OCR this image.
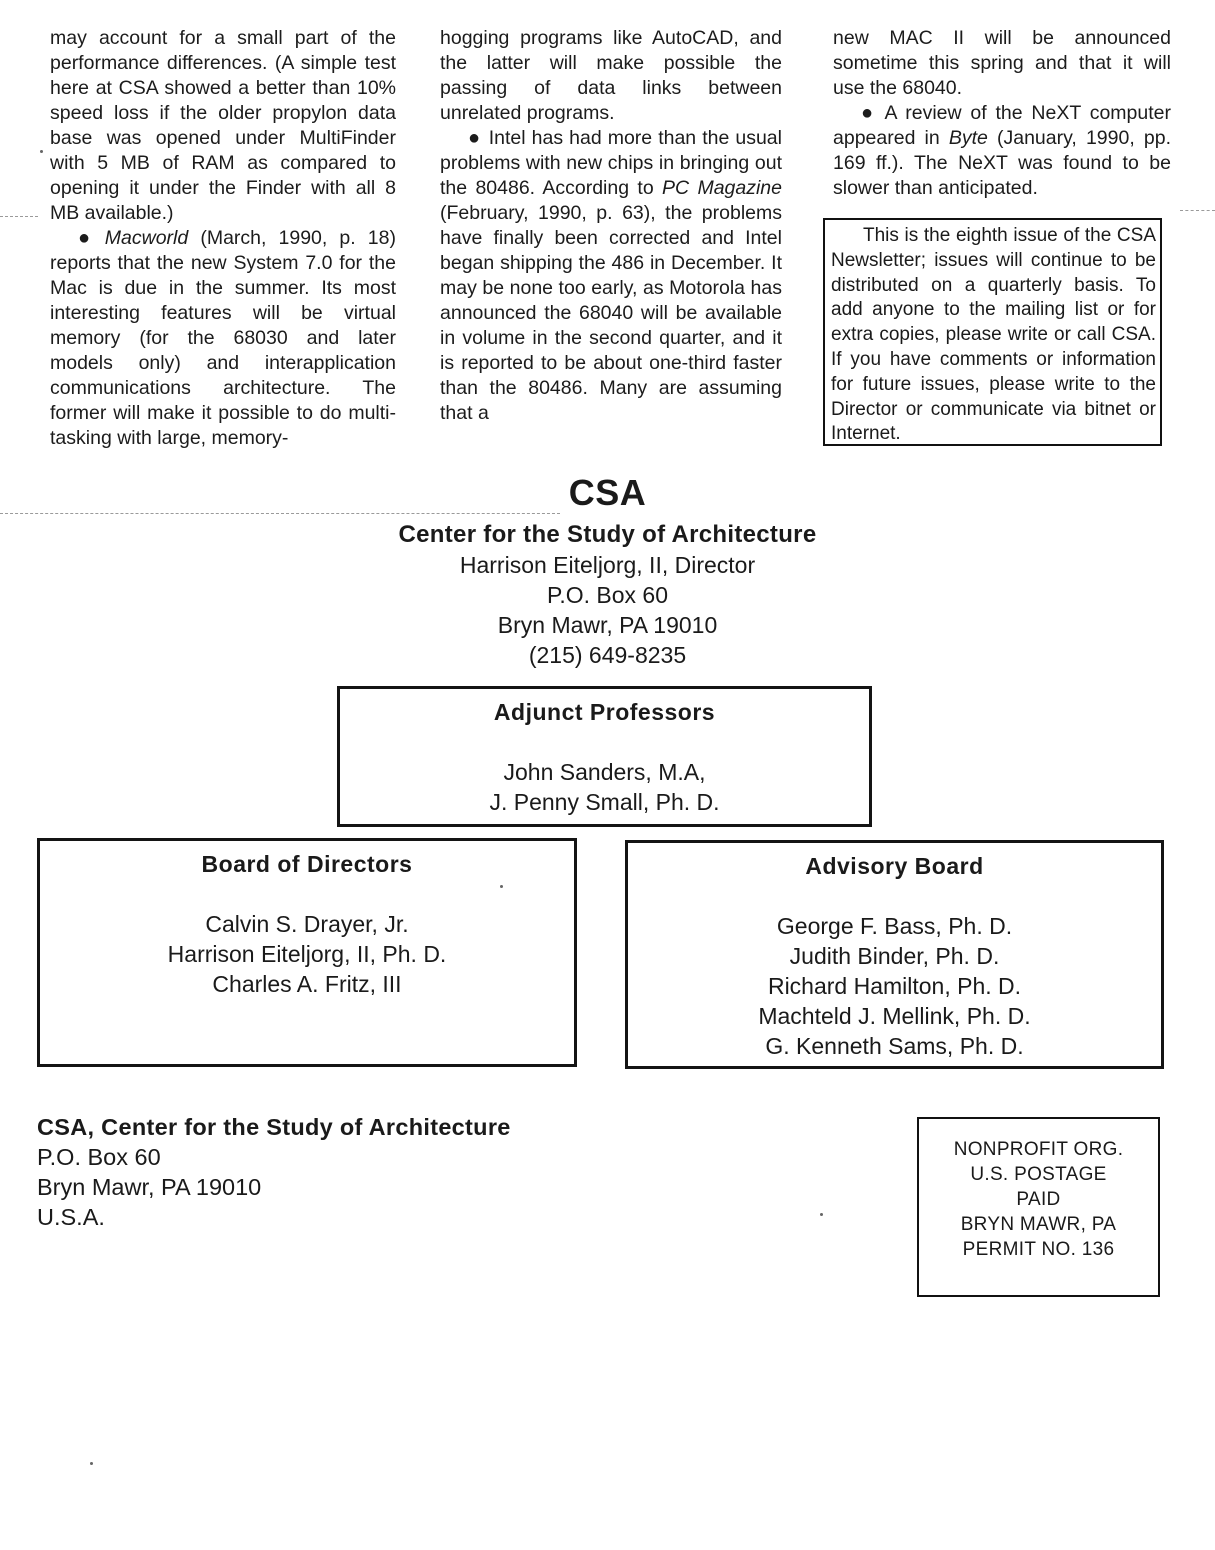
may account for a small part of the performance differences. (A simple test here at CSA showed a better than 10% speed loss if the older propylon data base was opened under MultiFinder with 5 MB of RAM as compared to opening it under the Finder with all 8 MB available.)

● Macworld (March, 1990, p. 18) reports that the new System 7.0 for the Mac is due in the summer. Its most interesting features will be virtual memory (for the 68030 and later models only) and interapplication communications architecture. The former will make it possible to do multi-tasking with large, memory-

hogging programs like AutoCAD, and the latter will make possible the passing of data links between unrelated programs.

● Intel has had more than the usual problems with new chips in bringing out the 80486. According to PC Magazine (February, 1990, p. 63), the problems have finally been corrected and Intel began shipping the 486 in December. It may be none too early, as Motorola has announced the 68040 will be available in volume in the second quarter, and it is reported to be about one-third faster than the 80486. Many are assuming that a

new MAC II will be announced sometime this spring and that it will use the 68040.

● A review of the NeXT computer appeared in Byte (January, 1990, pp. 169 ff.). The NeXT was found to be slower than anticipated.

This is the eighth issue of the CSA Newsletter; issues will continue to be distributed on a quarterly basis. To add anyone to the mailing list or for extra copies, please write or call CSA. If you have comments or information for future issues, please write to the Director or communicate via bitnet or Internet.

CSA
Center for the Study of Architecture
Harrison Eiteljorg, II, Director
P.O. Box 60
Bryn Mawr, PA 19010
(215) 649-8235
Adjunct Professors
John Sanders, M.A,
J. Penny Small, Ph. D.
Board of Directors
Calvin S. Drayer, Jr.
Harrison Eiteljorg, II, Ph. D.
Charles A. Fritz, III
Advisory Board
George F. Bass, Ph. D.
Judith Binder, Ph. D.
Richard Hamilton, Ph. D.
Machteld J. Mellink, Ph. D.
G. Kenneth Sams, Ph. D.
CSA, Center for the Study of Architecture
P.O. Box 60
Bryn Mawr, PA 19010
U.S.A.
NONPROFIT ORG.
U.S. POSTAGE
PAID
BRYN MAWR, PA
PERMIT NO. 136
